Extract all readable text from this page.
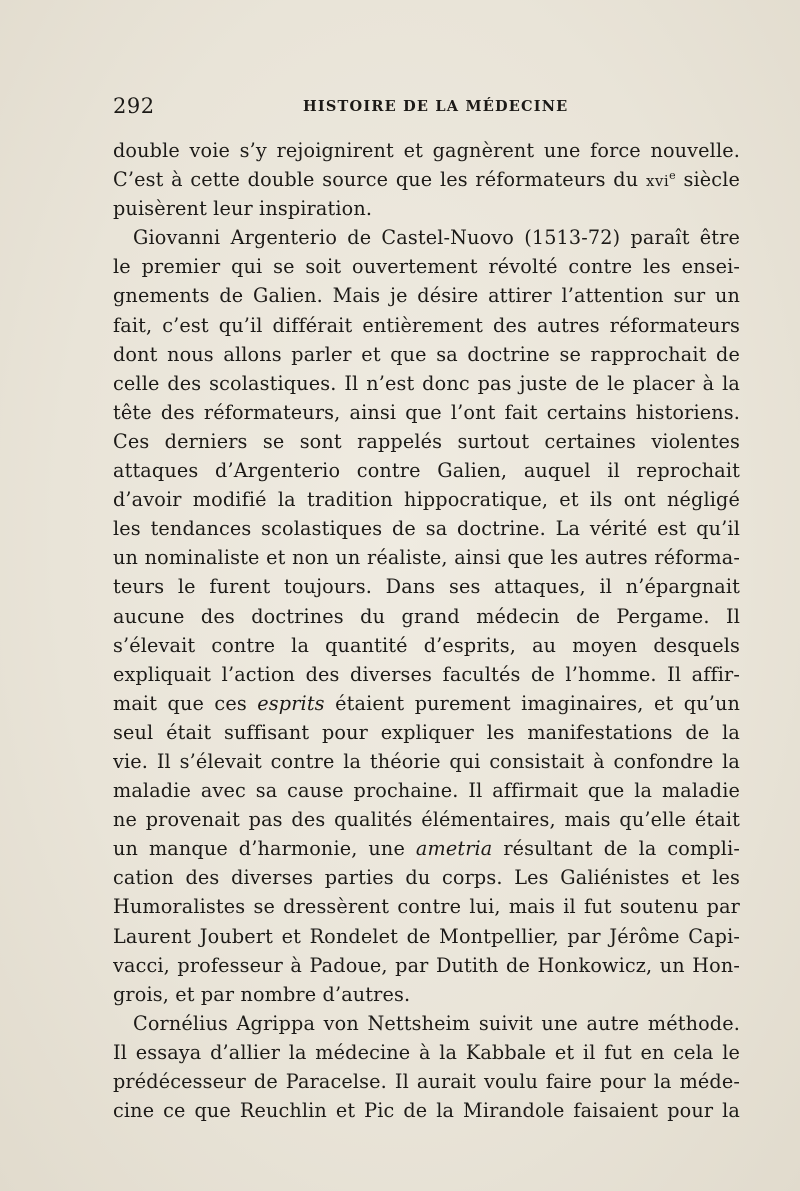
292	HISTOIRE DE LA MÉDECINE
double voie s’y rejoignirent et gagnèrent une force nouvelle.
C’est à cette double source que les réformateurs du xvi$^e$ siècle
puisèrent leur inspiration.
Giovanni Argenterio de Castel-Nuovo (1513-72) paraît être
le premier qui se soit ouvertement révolté contre les ensei-
gnements de Galien. Mais je désire attirer l’attention sur un
fait, c’est qu’il différait entièrement des autres réformateurs
dont nous allons parler et que sa doctrine se rapprochait de
celle des scolastiques. Il n’est donc pas juste de le placer à la
tête des réformateurs, ainsi que l’ont fait certains historiens.
Ces derniers se sont rappelés surtout certaines violentes
attaques d’Argenterio contre Galien, auquel il reprochait
d’avoir modifié la tradition hippocratique, et ils ont négligé
les tendances scolastiques de sa doctrine. La vérité est qu’il
un nominaliste et non un réaliste, ainsi que les autres réforma-
teurs le furent toujours. Dans ses attaques, il n’épargnait
aucune des doctrines du grand médecin de Pergame. Il
s’élevait contre la quantité d’esprits, au moyen desquels
expliquait l’action des diverses facultés de l’homme. Il affir-
mait que ces esprits étaient purement imaginaires, et qu’un
seul était suffisant pour expliquer les manifestations de la
vie. Il s’élevait contre la théorie qui consistait à confondre la
maladie avec sa cause prochaine. Il affirmait que la maladie
ne provenait pas des qualités élémentaires, mais qu’elle était
un manque d’harmonie, une ametria résultant de la compli-
cation des diverses parties du corps. Les Galiénistes et les
Humoralistes se dressèrent contre lui, mais il fut soutenu par
Laurent Joubert et Rondelet de Montpellier, par Jérôme Capi-
vacci, professeur à Padoue, par Dutith de Honkowicz, un Hon-
grois, et par nombre d’autres.
Cornélius Agrippa von Nettsheim suivit une autre méthode.
Il essaya d’allier la médecine à la Kabbale et il fut en cela le
prédécesseur de Paracelse. Il aurait voulu faire pour la méde-
cine ce que Reuchlin et Pic de la Mirandole faisaient pour la
